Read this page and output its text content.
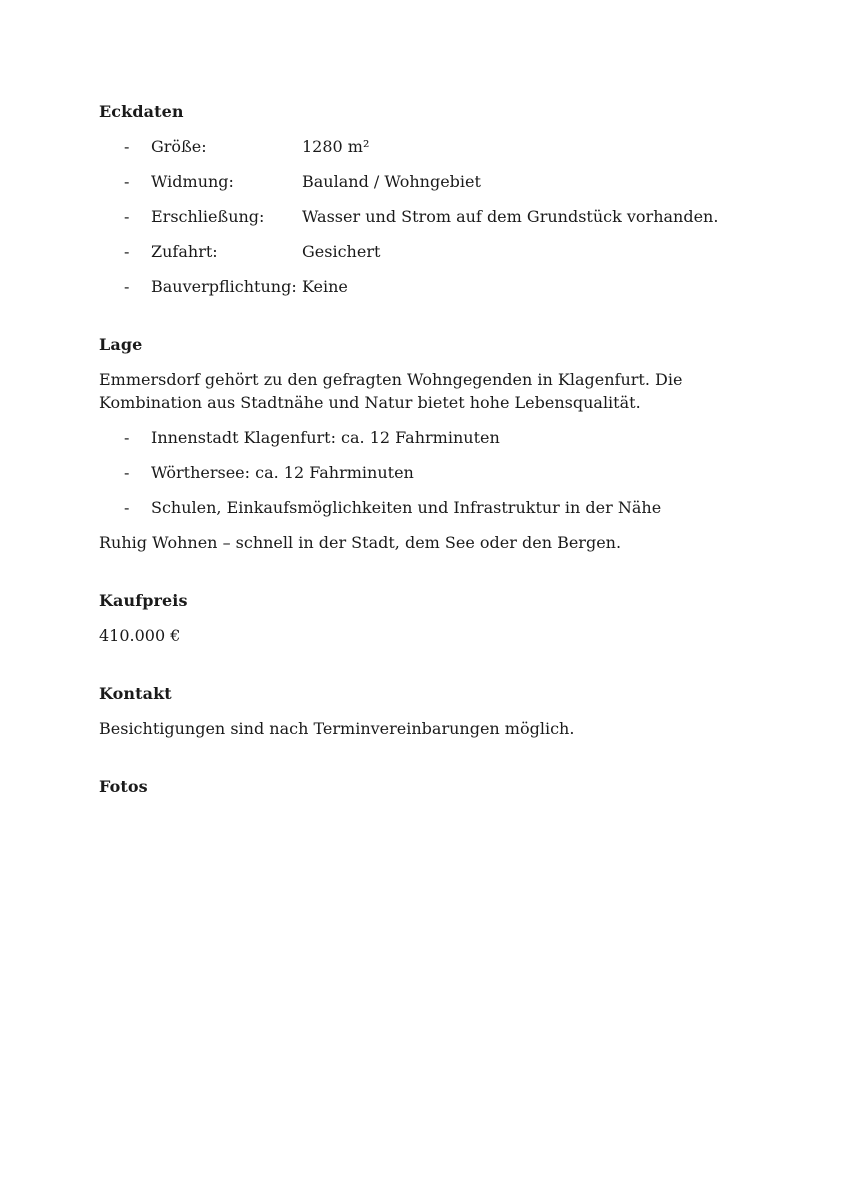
Eckdaten
- Größe:	1280 m²
- Widmung:	Bauland / Wohngebiet
- Erschließung: Wasser und Strom auf dem Grundstück vorhanden.
- Zufahrt:	Gesichert
- Bauverpflichtung: Keine
Lage

Emmersdorf gehört zu den gefragten Wohngegenden in Klagenfurt. Die Kombination aus Stadtnähe und Natur bietet hohe Lebensqualität.

- Innenstadt Klagenfurt: ca. 12 Fahrminuten
- Wörthersee: ca. 12 Fahrminuten
- Schulen, Einkaufsmöglichkeiten und Infrastruktur in der Nähe

Ruhig Wohnen – schnell in der Stadt, dem See oder den Bergen.

Kaufpreis

410.000 €

Kontakt

Besichtigungen sind nach Terminvereinbarungen möglich.

Fotos
